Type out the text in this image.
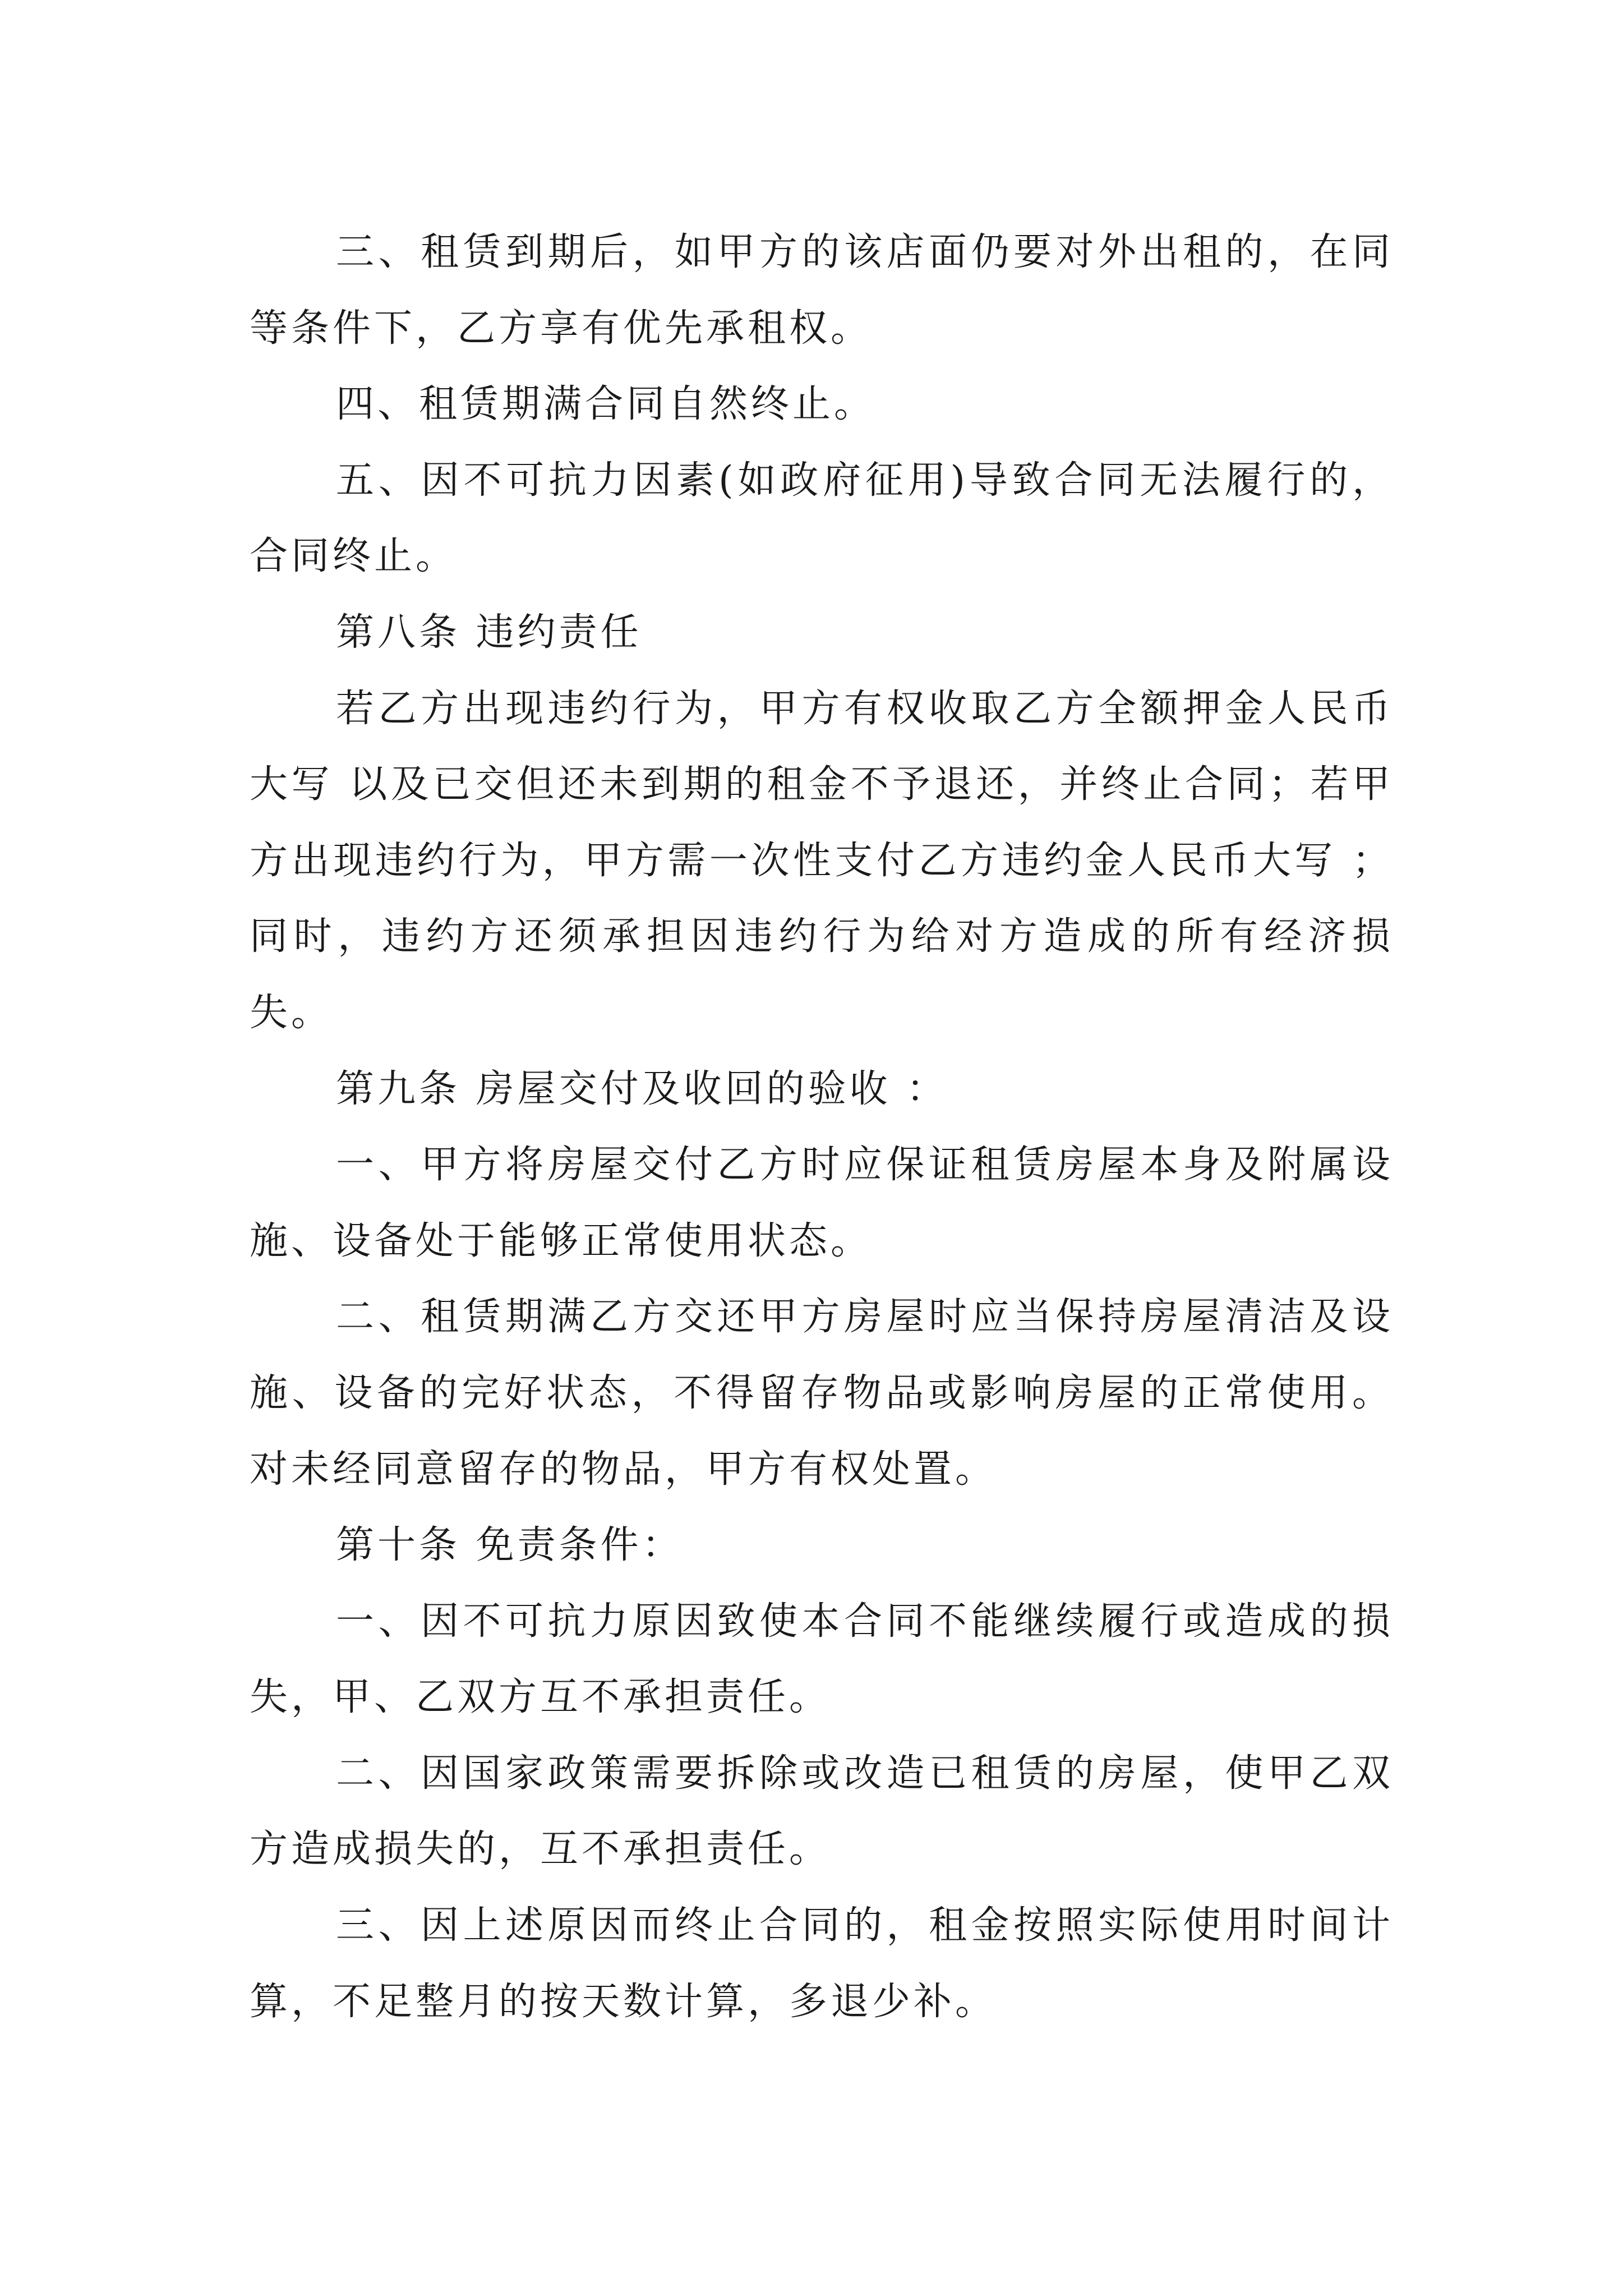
三、租赁到期后，如甲方的该店面仍要对外出租的，在同等条件下，乙方享有优先承租权。

四、租赁期满合同自然终止。

五、因不可抗力因素(如政府征用)导致合同无法履行的，合同终止。

第八条 违约责任

若乙方出现违约行为，甲方有权收取乙方全额押金人民币 大写 以及已交但还未到期的租金不予退还，并终止合同；若甲方出现违约行为，甲方需一次性支付乙方违约金人民币大写 ；同时，违约方还须承担因违约行为给对方造成的所有经济损失。

第九条 房屋交付及收回的验收 ：

一、甲方将房屋交付乙方时应保证租赁房屋本身及附属设施、设备处于能够正常使用状态。

二、租赁期满乙方交还甲方房屋时应当保持房屋清洁及设施、设备的完好状态，不得留存物品或影响房屋的正常使用。对未经同意留存的物品，甲方有权处置。

第十条 免责条件：

一、因不可抗力原因致使本合同不能继续履行或造成的损失，甲、乙双方互不承担责任。

二、因国家政策需要拆除或改造已租赁的房屋，使甲乙双方造成损失的，互不承担责任。

三、因上述原因而终止合同的，租金按照实际使用时间计算，不足整月的按天数计算，多退少补。
